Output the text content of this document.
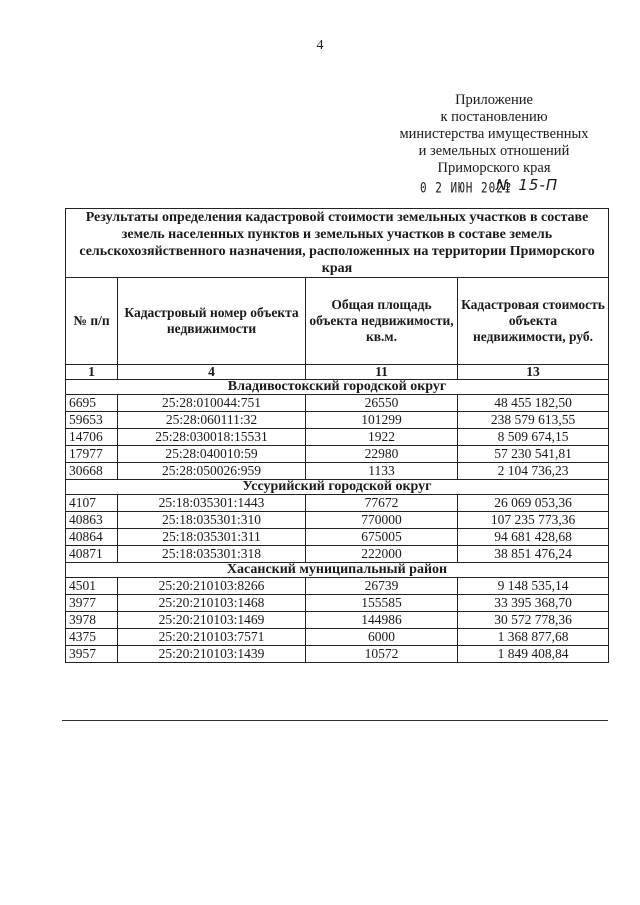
4
Приложение
к постановлению
министерства имущественных
и земельных отношений
Приморского края
0 2 ИЮН 2021
№ 15-П
Результаты определения кадастровой стоимости земельных участков в составе земель населенных пунктов и земельных участков в составе земель сельскохозяйственного назначения, расположенных на территории Приморского края			
№ п/п	Кадастровый номер объекта недвижимости	Общая площадь объекта недвижимости, кв.м.	Кадастровая стоимость объекта недвижимости, руб.
1	4	11	13
Владивостокский городской округ			
6695	25:28:010044:751	26550	48 455 182,50
59653	25:28:060111:32	101299	238 579 613,55
14706	25:28:030018:15531	1922	8 509 674,15
17977	25:28:040010:59	22980	57 230 541,81
30668	25:28:050026:959	1133	2 104 736,23
Уссурийский городской округ			
4107	25:18:035301:1443	77672	26 069 053,36
40863	25:18:035301:310	770000	107 235 773,36
40864	25:18:035301:311	675005	94 681 428,68
40871	25:18:035301:318	222000	38 851 476,24
Хасанский муниципальный район			
4501	25:20:210103:8266	26739	9 148 535,14
3977	25:20:210103:1468	155585	33 395 368,70
3978	25:20:210103:1469	144986	30 572 778,36
4375	25:20:210103:7571	6000	1 368 877,68
3957	25:20:210103:1439	10572	1 849 408,84
